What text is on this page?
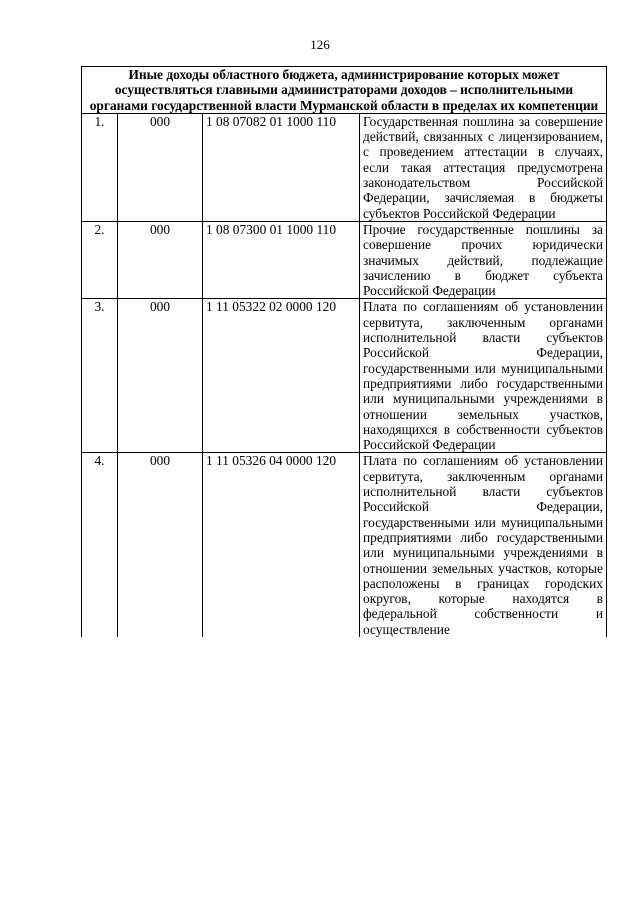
126
Иные доходы областного бюджета, администрирование которых может осуществляться главными администраторами доходов – исполнительными органами государственной власти Мурманской области в пределах их компетенции			
1.	000	1 08 07082 01 1000 110	Государственная пошлина за совершение действий, связанных с лицензированием, с проведением аттестации в случаях, если такая аттестация предусмотрена законодательством Российской Федерации, зачисляемая в бюджеты субъектов Российской Федерации
2.	000	1 08 07300 01 1000 110	Прочие государственные пошлины за совершение прочих юридически значимых действий, подлежащие зачислению в бюджет субъекта Российской Федерации
3.	000	1 11 05322 02 0000 120	Плата по соглашениям об установлении сервитута, заключенным органами исполнительной власти субъектов Российской Федерации, государственными или муниципальными предприятиями либо государственными или муниципальными учреждениями в отношении земельных участков, находящихся в собственности субъектов Российской Федерации
4.	000	1 11 05326 04 0000 120	Плата по соглашениям об установлении сервитута, заключенным органами исполнительной власти субъектов Российской Федерации, государственными или муниципальными предприятиями либо государственными или муниципальными учреждениями в отношении земельных участков, которые расположены в границах городских округов, которые находятся в федеральной собственности и осуществление
